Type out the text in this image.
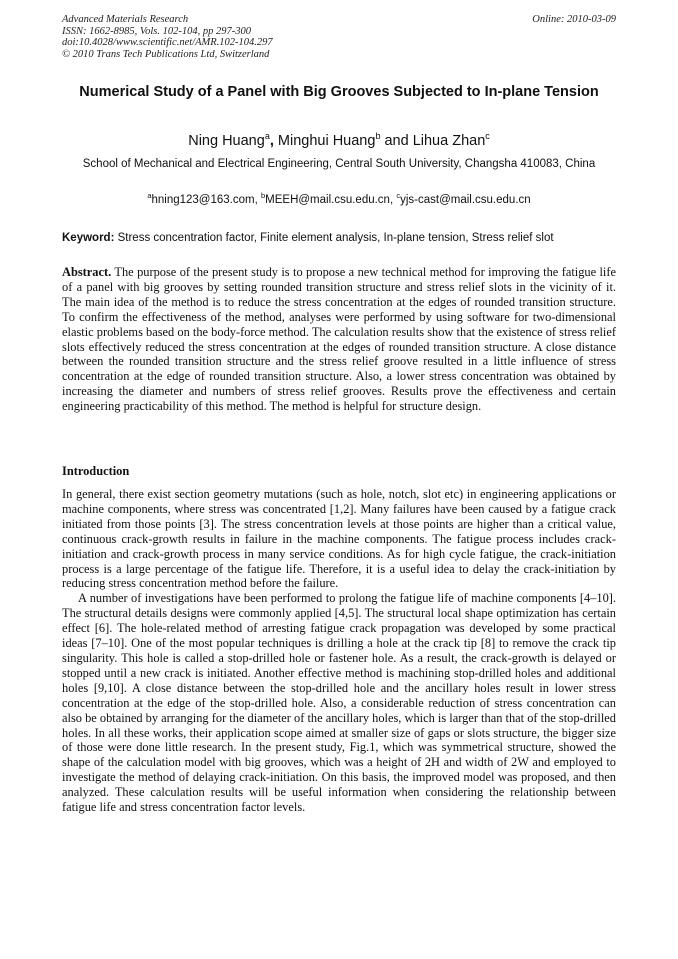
Advanced Materials Research
ISSN: 1662-8985, Vols. 102-104, pp 297-300
doi:10.4028/www.scientific.net/AMR.102-104.297
© 2010 Trans Tech Publications Ltd, Switzerland
Online: 2010-03-09
Numerical Study of a Panel with Big Grooves Subjected to In-plane Tension
Ning Huang$^a$, Minghui Huang$^b$ and Lihua Zhan$^c$
School of Mechanical and Electrical Engineering, Central South University, Changsha 410083, China
$^a$hning123@163.com, $^b$MEEH@mail.csu.edu.cn, $^c$yjs-cast@mail.csu.edu.cn
Keyword: Stress concentration factor, Finite element analysis, In-plane tension, Stress relief slot
Abstract. The purpose of the present study is to propose a new technical method for improving the fatigue life of a panel with big grooves by setting rounded transition structure and stress relief slots in the vicinity of it. The main idea of the method is to reduce the stress concentration at the edges of rounded transition structure. To confirm the effectiveness of the method, analyses were performed by using software for two-dimensional elastic problems based on the body-force method. The calculation results show that the existence of stress relief slots effectively reduced the stress concentration at the edges of rounded transition structure. A close distance between the rounded transition structure and the stress relief groove resulted in a little influence of stress concentration at the edge of rounded transition structure. Also, a lower stress concentration was obtained by increasing the diameter and numbers of stress relief grooves. Results prove the effectiveness and certain engineering practicability of this method. The method is helpful for structure design.
Introduction

In general, there exist section geometry mutations (such as hole, notch, slot etc) in engineering applications or machine components, where stress was concentrated [1,2]. Many failures have been caused by a fatigue crack initiated from those points [3]. The stress concentration levels at those points are higher than a critical value, continuous crack-growth results in failure in the machine components. The fatigue process includes crack-initiation and crack-growth process in many service conditions. As for high cycle fatigue, the crack-initiation process is a large percentage of the fatigue life. Therefore, it is a useful idea to delay the crack-initiation by reducing stress concentration method before the failure.

A number of investigations have been performed to prolong the fatigue life of machine components [4–10]. The structural details designs were commonly applied [4,5]. The structural local shape optimization has certain effect [6]. The hole-related method of arresting fatigue crack propagation was developed by some practical ideas [7–10]. One of the most popular techniques is drilling a hole at the crack tip [8] to remove the crack tip singularity. This hole is called a stop-drilled hole or fastener hole. As a result, the crack-growth is delayed or stopped until a new crack is initiated. Another effective method is machining stop-drilled holes and additional holes [9,10]. A close distance between the stop-drilled hole and the ancillary holes result in lower stress concentration at the edge of the stop-drilled hole. Also, a considerable reduction of stress concentration can also be obtained by arranging for the diameter of the ancillary holes, which is larger than that of the stop-drilled holes. In all these works, their application scope aimed at smaller size of gaps or slots structure, the bigger size of those were done little research. In the present study, Fig.1, which was symmetrical structure, showed the shape of the calculation model with big grooves, which was a height of 2H and width of 2W and employed to investigate the method of delaying crack-initiation. On this basis, the improved model was proposed, and then analyzed. These calculation results will be useful information when considering the relationship between fatigue life and stress concentration factor levels.
